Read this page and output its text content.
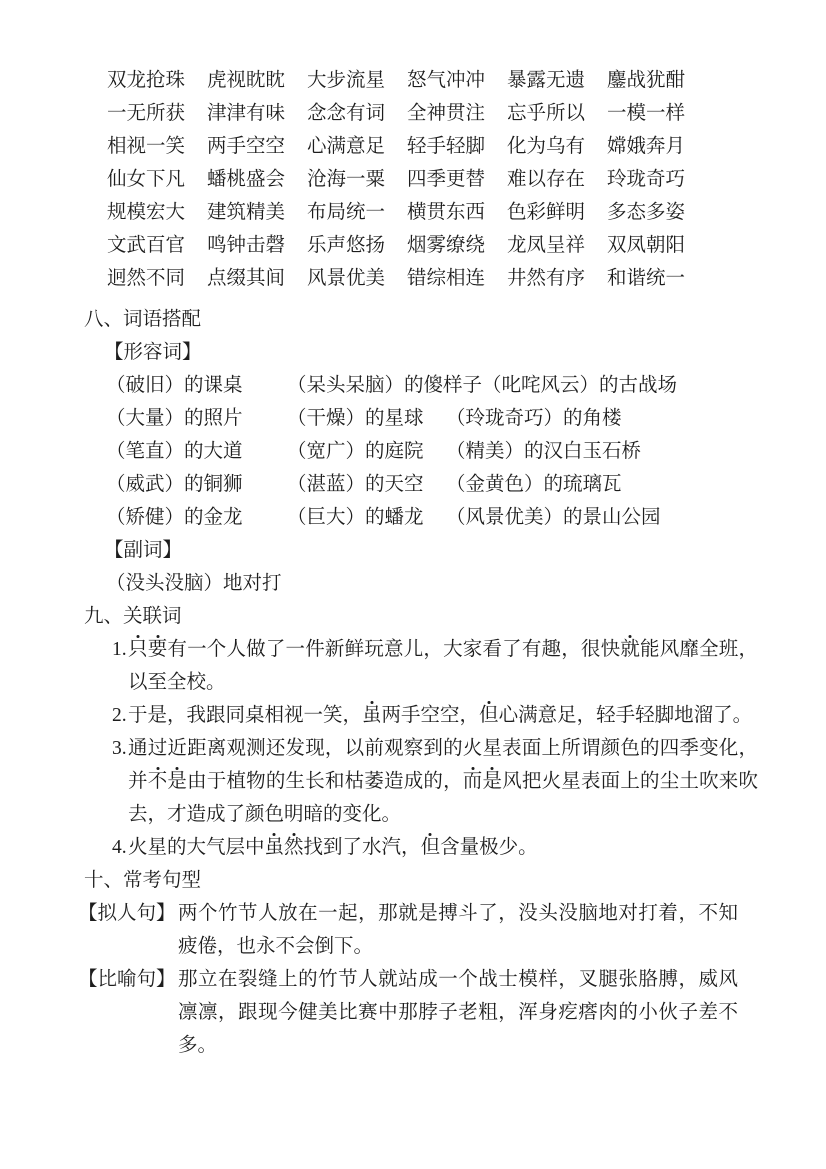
双龙抢珠	虎视眈眈	大步流星	怒气冲冲	暴露无遗	鏖战犹酣
一无所获	津津有味	念念有词	全神贯注	忘乎所以	一模一样
相视一笑	两手空空	心满意足	轻手轻脚	化为乌有	嫦娥奔月
仙女下凡	蟠桃盛会	沧海一粟	四季更替	难以存在	玲珑奇巧
规模宏大	建筑精美	布局统一	横贯东西	色彩鲜明	多态多姿
文武百官	鸣钟击磬	乐声悠扬	烟雾缭绕	龙凤呈祥	双凤朝阳
迥然不同	点缀其间	风景优美	错综相连	井然有序	和谐统一
八、词语搭配
【形容词】
（破旧）的课桌	（呆头呆脑）的傻样子 （叱咤风云）的古战场
（大量）的照片	（干燥）的星球	（玲珑奇巧）的角楼
（笔直）的大道	（宽广）的庭院	（精美）的汉白玉石桥
（威武）的铜狮	（湛蓝）的天空	（金黄色）的琉璃瓦
（矫健）的金龙	（巨大）的蟠龙	（风景优美）的景山公园
【副词】
（没头没脑）地对打
九、关联词
1. 只要有一个人做了一件新鲜玩意儿，大家看了有趣，很快就能风靡全班，以至全校。
2. 于是，我跟同桌相视一笑，虽两手空空，但心满意足，轻手轻脚地溜了。
3. 通过近距离观测还发现，以前观察到的火星表面上所谓颜色的四季变化，并不是由于植物的生长和枯萎造成的，而是风把火星表面上的尘土吹来吹去，才造成了颜色明暗的变化。
4. 火星的大气层中虽然找到了水汽，但含量极少。
十、常考句型
【拟人句】 两个竹节人放在一起，那就是搏斗了，没头没脑地对打着，不知疲倦，也永不会倒下。
【比喻句】 那立在裂缝上的竹节人就站成一个战士模样，叉腿张胳膊，威风凛凛，跟现今健美比赛中那脖子老粗，浑身疙瘩肉的小伙子差不多。
